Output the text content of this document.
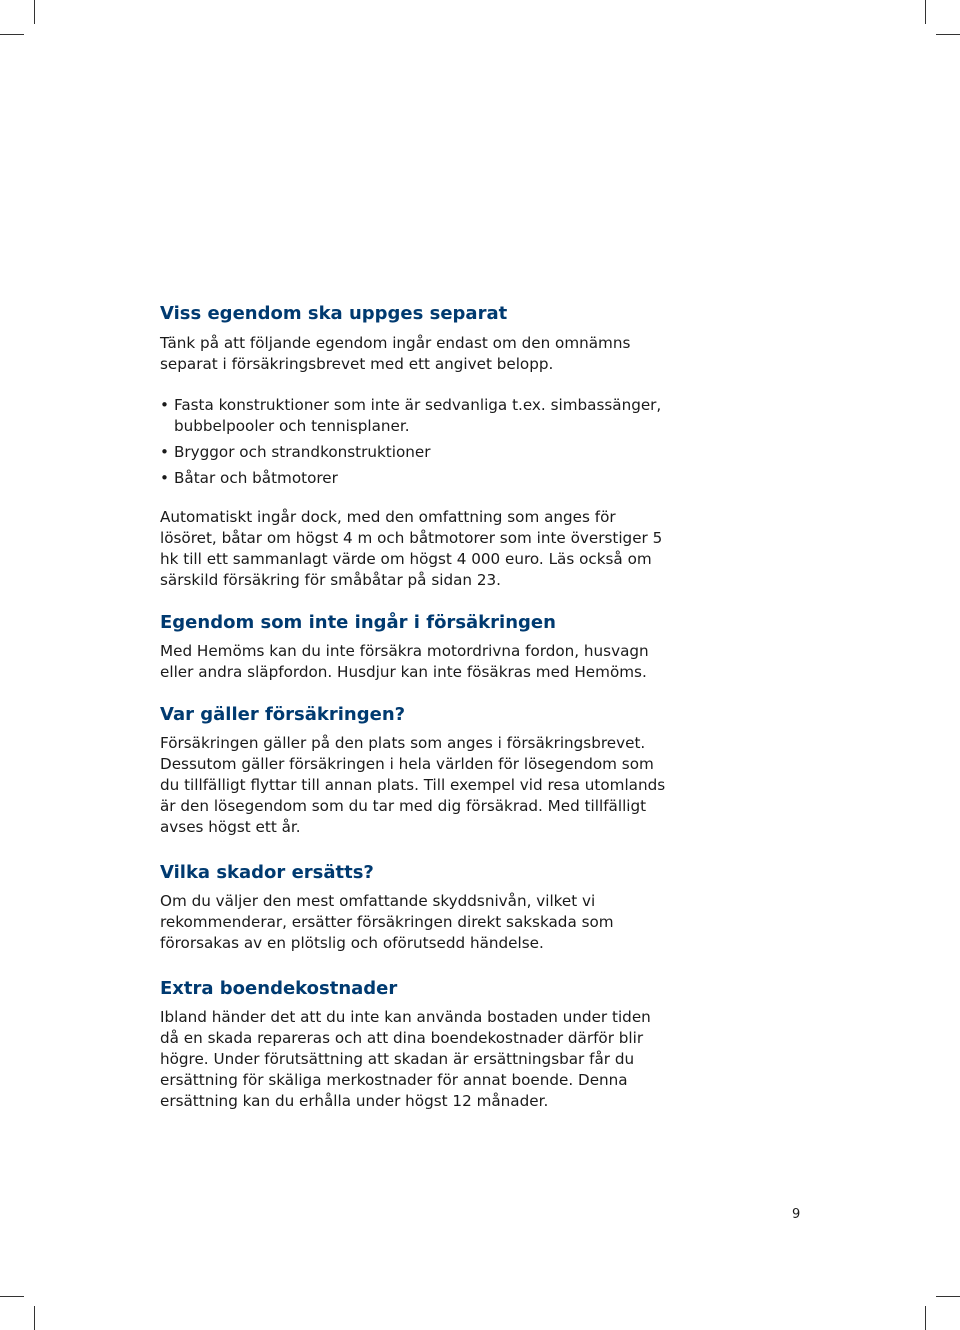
Viss egendom ska uppges separat

Tänk på att följande egendom ingår endast om den omnämns separat i försäkringsbrevet med ett angivet belopp.

• Fasta konstruktioner som inte är sedvanliga t.ex. simbassänger, bubbelpooler och tennisplaner.
• Bryggor och strandkonstruktioner
• Båtar och båtmotorer

Automatiskt ingår dock, med den omfattning som anges för lösöret, båtar om högst 4 m och båtmotorer som inte överstiger 5 hk till ett sammanlagt värde om högst 4 000 euro. Läs också om särskild försäkring för småbåtar på sidan 23.

Egendom som inte ingår i försäkringen

Med Hemöms kan du inte försäkra motordrivna fordon, husvagn eller andra släpfordon. Husdjur kan inte fösäkras med Hemöms.

Var gäller försäkringen?

Försäkringen gäller på den plats som anges i försäkringsbrevet. Dessutom gäller försäkringen i hela världen för lösegendom som du tillfälligt flyttar till annan plats. Till exempel vid resa utomlands är den lösegendom som du tar med dig försäkrad. Med tillfälligt avses högst ett år.

Vilka skador ersätts?

Om du väljer den mest omfattande skyddsnivån, vilket vi rekommenderar, ersätter försäkringen direkt sakskada som förorsakas av en plötslig och oförutsedd händelse.

Extra boendekostnader

Ibland händer det att du inte kan använda bostaden under tiden då en skada repareras och att dina boendekostnader därför blir högre. Under förutsättning att skadan är ersättningsbar får du ersättning för skäliga merkostnader för annat boende. Denna ersättning kan du erhålla under högst 12 månader.

9
